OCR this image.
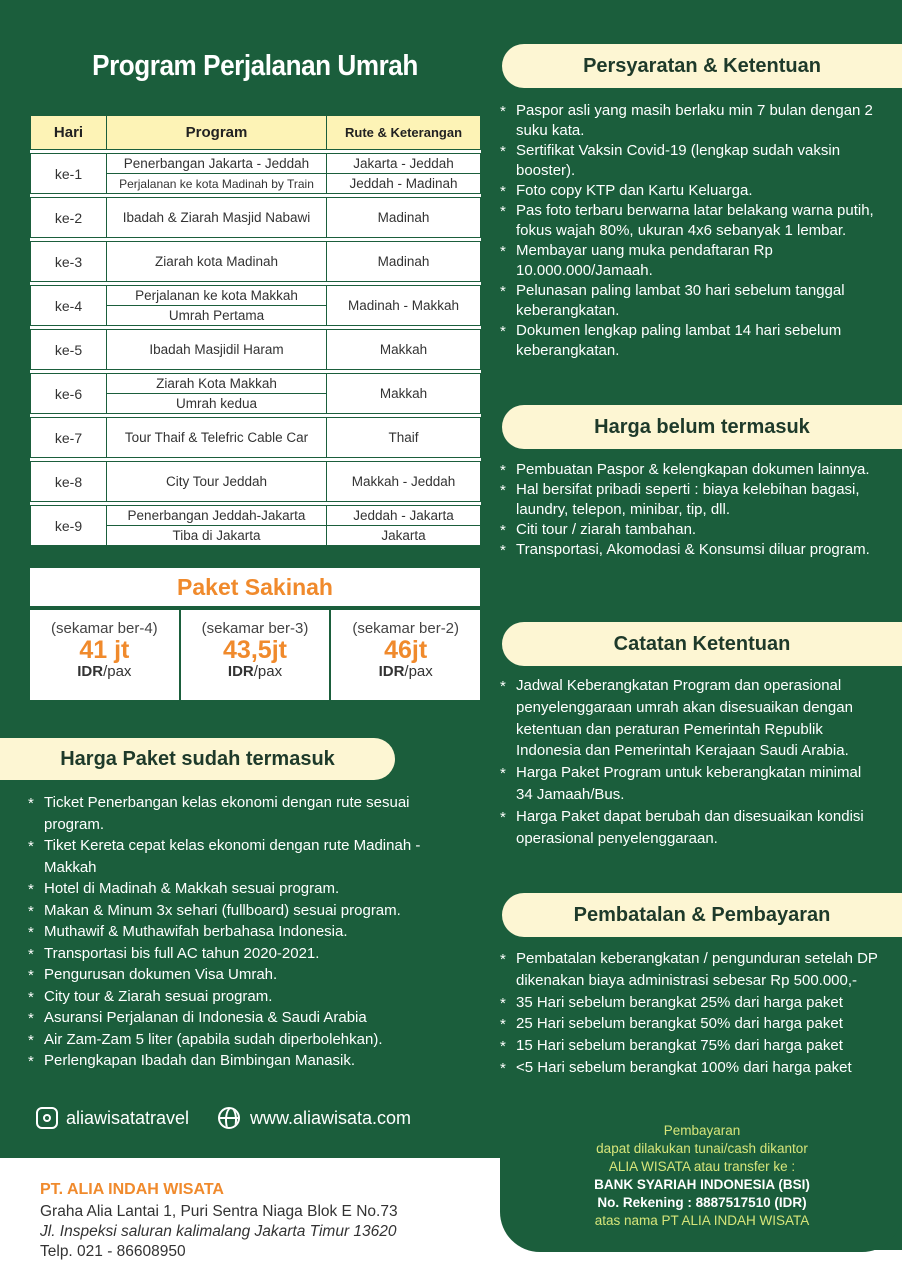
Program Perjalanan Umrah
Hari	Program	Rute & Keterangan

ke-1	Penerbangan Jakarta - Jeddah	Jakarta - Jeddah
	Perjalanan ke kota Madinah by Train	Jeddah - Madinah

ke-2	Ibadah & Ziarah Masjid Nabawi	Madinah

ke-3	Ziarah kota Madinah	Madinah

ke-4	Perjalanan ke kota Makkah	Madinah - Makkah
	Umrah Pertama	

ke-5	Ibadah Masjidil Haram	Makkah

ke-6	Ziarah Kota Makkah	Makkah
	Umrah kedua	

ke-7	Tour Thaif & Telefric Cable Car	Thaif

ke-8	City Tour Jeddah	Makkah - Jeddah

ke-9	Penerbangan Jeddah-Jakarta	Jeddah - Jakarta
	Tiba di Jakarta	Jakarta
Paket Sakinah
(sekamar ber-4)
41 jt
IDR/pax
(sekamar ber-3)
43,5jt
IDR/pax
(sekamar ber-2)
46jt
IDR/pax
Harga Paket sudah termasuk
* Ticket Penerbangan kelas ekonomi dengan rute sesuai program.
* Tiket Kereta cepat kelas ekonomi dengan rute Madinah - Makkah
* Hotel di Madinah & Makkah sesuai program.
* Makan & Minum 3x sehari (fullboard) sesuai program.
* Muthawif & Muthawifah berbahasa Indonesia.
* Transportasi bis full AC tahun 2020-2021.
* Pengurusan dokumen Visa Umrah.
* City tour & Ziarah sesuai program.
* Asuransi Perjalanan di Indonesia & Saudi Arabia
* Air Zam-Zam 5 liter (apabila sudah diperbolehkan).
* Perlengkapan Ibadah dan Bimbingan Manasik.
Persyaratan & Ketentuan
* Paspor asli yang masih berlaku min 7 bulan dengan 2 suku kata.
* Sertifikat Vaksin Covid-19 (lengkap sudah vaksin booster).
* Foto copy KTP dan Kartu Keluarga.
* Pas foto terbaru berwarna latar belakang warna putih, fokus wajah 80%, ukuran 4x6 sebanyak 1 lembar.
* Membayar uang muka pendaftaran Rp 10.000.000/Jamaah.
* Pelunasan paling lambat 30 hari sebelum tanggal keberangkatan.
* Dokumen lengkap paling lambat 14 hari sebelum keberangkatan.
Harga belum termasuk
* Pembuatan Paspor & kelengkapan dokumen lainnya.
* Hal bersifat pribadi seperti : biaya kelebihan bagasi, laundry, telepon, minibar, tip, dll.
* Citi tour / ziarah tambahan.
* Transportasi, Akomodasi & Konsumsi diluar program.
Catatan Ketentuan
* Jadwal Keberangkatan Program dan operasional penyelenggaraan umrah akan disesuaikan dengan ketentuan dan peraturan Pemerintah Republik Indonesia dan Pemerintah Kerajaan Saudi Arabia.
* Harga Paket Program untuk keberangkatan minimal 34 Jamaah/Bus.
* Harga Paket dapat berubah dan disesuaikan kondisi operasional penyelenggaraan.
Pembatalan & Pembayaran
* Pembatalan keberangkatan / pengunduran setelah DP dikenakan biaya administrasi sebesar Rp 500.000,-
* 35 Hari sebelum berangkat 25% dari harga paket
* 25 Hari sebelum berangkat 50% dari harga paket
* 15 Hari sebelum berangkat 75% dari harga paket
* <5 Hari sebelum berangkat 100% dari harga paket
aliawisatatravel	www.aliawisata.com
PT. ALIA INDAH WISATA
Graha Alia Lantai 1, Puri Sentra Niaga Blok E No.73
Jl. Inspeksi saluran kalimalang Jakarta Timur 13620
Telp. 021 - 86608950
Pembayaran
dapat dilakukan tunai/cash dikantor
ALIA WISATA atau transfer ke :
BANK SYARIAH INDONESIA (BSI)
No. Rekening : 8887517510 (IDR)
atas nama PT ALIA INDAH WISATA
